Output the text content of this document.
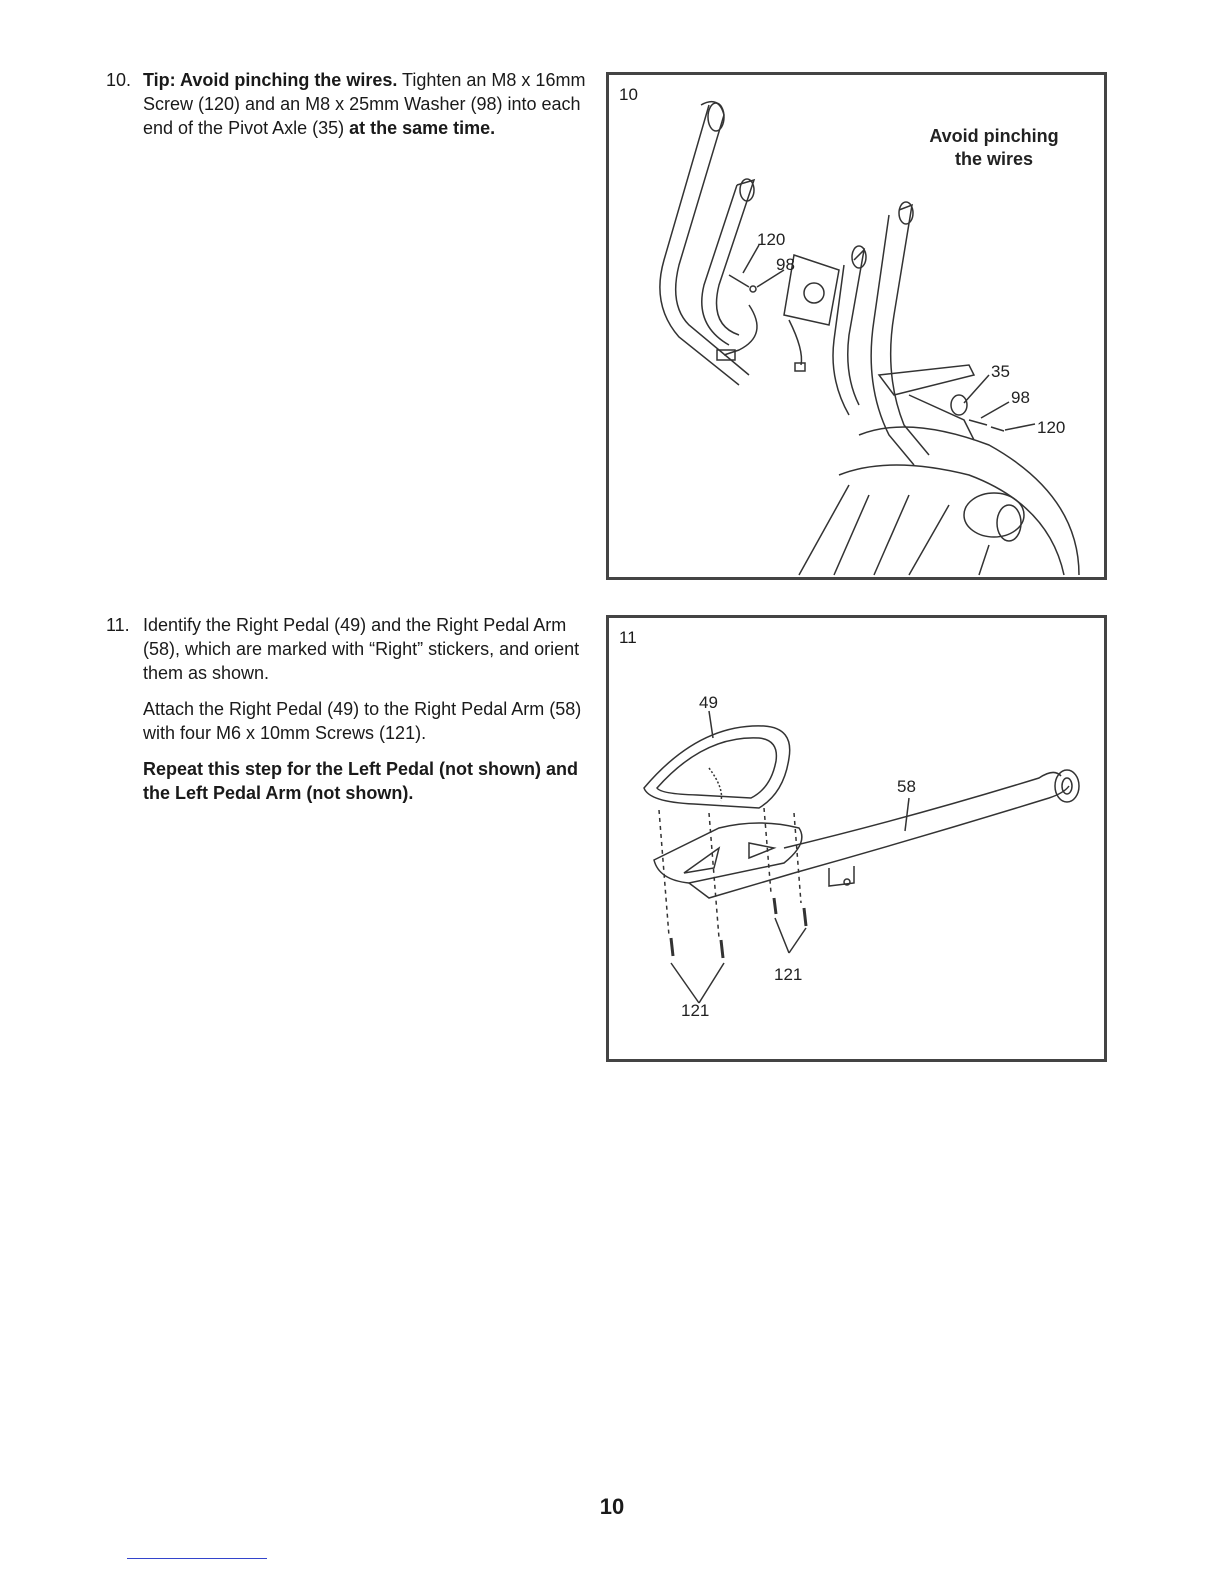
10. Tip: Avoid pinching the wires. Tighten an M8 x 16mm Screw (120) and an M8 x 25mm Washer (98) into each end of the Pivot Axle (35) at the same time.

11. Identify the Right Pedal (49) and the Right Pedal Arm (58), which are marked with “Right” stickers, and orient them as shown.

Attach the Right Pedal (49) to the Right Pedal Arm (58) with four M6 x 10mm Screws (121).

Repeat this step for the Left Pedal (not shown) and the Left Pedal Arm (not shown).

Avoid pinching
the wires
120
98
35
98
120
10
49
58
121
121
11
10
